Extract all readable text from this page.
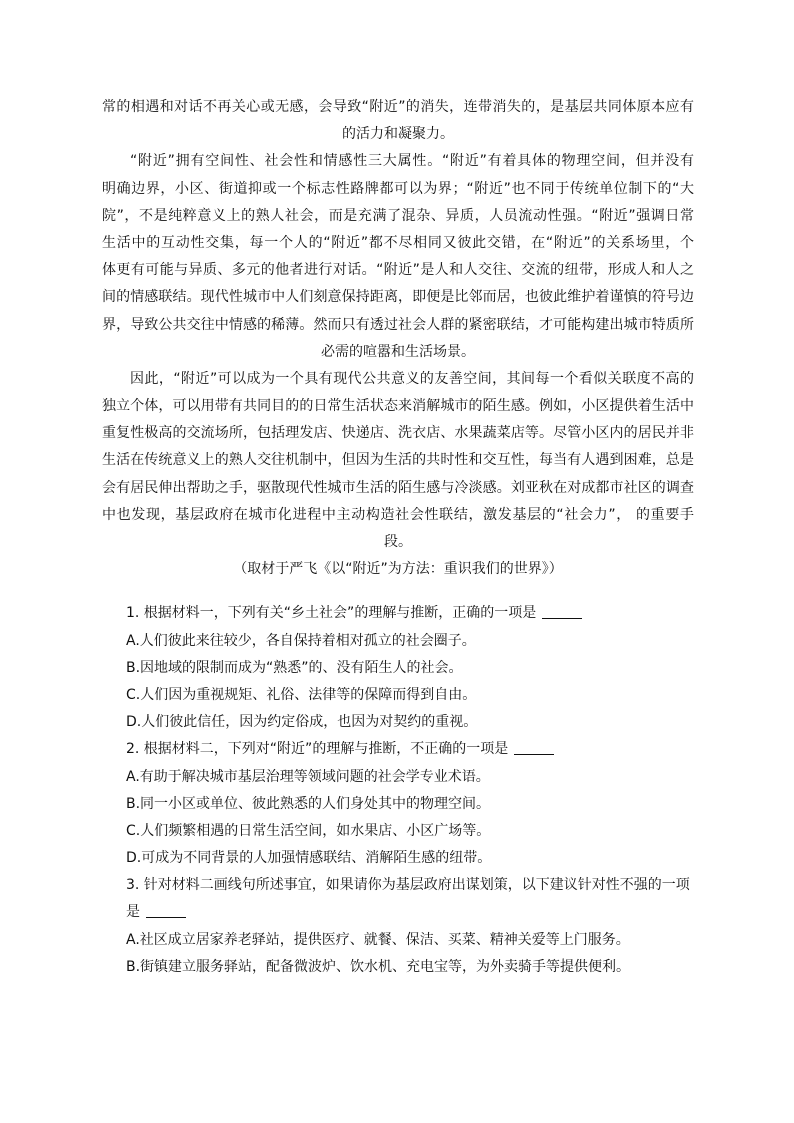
常的相遇和对话不再关心或无感，会导致“附近”的消失，连带消失的，是基层共同体原本应有

的活力和凝聚力。

“附近”拥有空间性、社会性和情感性三大属性。“附近”有着具体的物理空间，但并没有

明确边界，小区、街道抑或一个标志性路牌都可以为界；“附近”也不同于传统单位制下的“大

院”，不是纯粹意义上的熟人社会，而是充满了混杂、异质，人员流动性强。“附近”强调日常

生活中的互动性交集，每一个人的“附近”都不尽相同又彼此交错，在“附近”的关系场里，个

体更有可能与异质、多元的他者进行对话。“附近”是人和人交往、交流的纽带，形成人和人之

间的情感联结。现代性城市中人们刻意保持距离，即便是比邻而居，也彼此维护着谨慎的符号边

界，导致公共交往中情感的稀薄。然而只有透过社会人群的紧密联结，才可能构建出城市特质所

必需的喧嚣和生活场景。

因此，“附近”可以成为一个具有现代公共意义的友善空间，其间每一个看似关联度不高的

独立个体，可以用带有共同目的的日常生活状态来消解城市的陌生感。例如，小区提供着生活中

重复性极高的交流场所，包括理发店、快递店、洗衣店、水果蔬菜店等。尽管小区内的居民并非

生活在传统意义上的熟人交往机制中，但因为生活的共时性和交互性，每当有人遇到困难，总是

会有居民伸出帮助之手，驱散现代性城市生活的陌生感与冷淡感。刘亚秋在对成都市社区的调查

中也发现，基层政府在城市化进程中主动构造社会性联结，激发基层的“社会力”， 的重要手

段。

（取材于严飞《以“附近”为方法：重识我们的世界》）

1. 根据材料一，下列有关“乡土社会”的理解与推断，正确的一项是

A.人们彼此来往较少，各自保持着相对孤立的社会圈子。

B.因地域的限制而成为“熟悉”的、没有陌生人的社会。

C.人们因为重视规矩、礼俗、法律等的保障而得到自由。

D.人们彼此信任，因为约定俗成，也因为对契约的重视。

2. 根据材料二，下列对“附近”的理解与推断，不正确的一项是

A.有助于解决城市基层治理等领域问题的社会学专业术语。

B.同一小区或单位、彼此熟悉的人们身处其中的物理空间。

C.人们频繁相遇的日常生活空间，如水果店、小区广场等。

D.可成为不同背景的人加强情感联结、消解陌生感的纽带。

3. 针对材料二画线句所述事宜，如果请你为基层政府出谋划策，以下建议针对性不强的一项

是

A.社区成立居家养老驿站，提供医疗、就餐、保洁、买菜、精神关爱等上门服务。

B.街镇建立服务驿站，配备微波炉、饮水机、充电宝等，为外卖骑手等提供便利。
